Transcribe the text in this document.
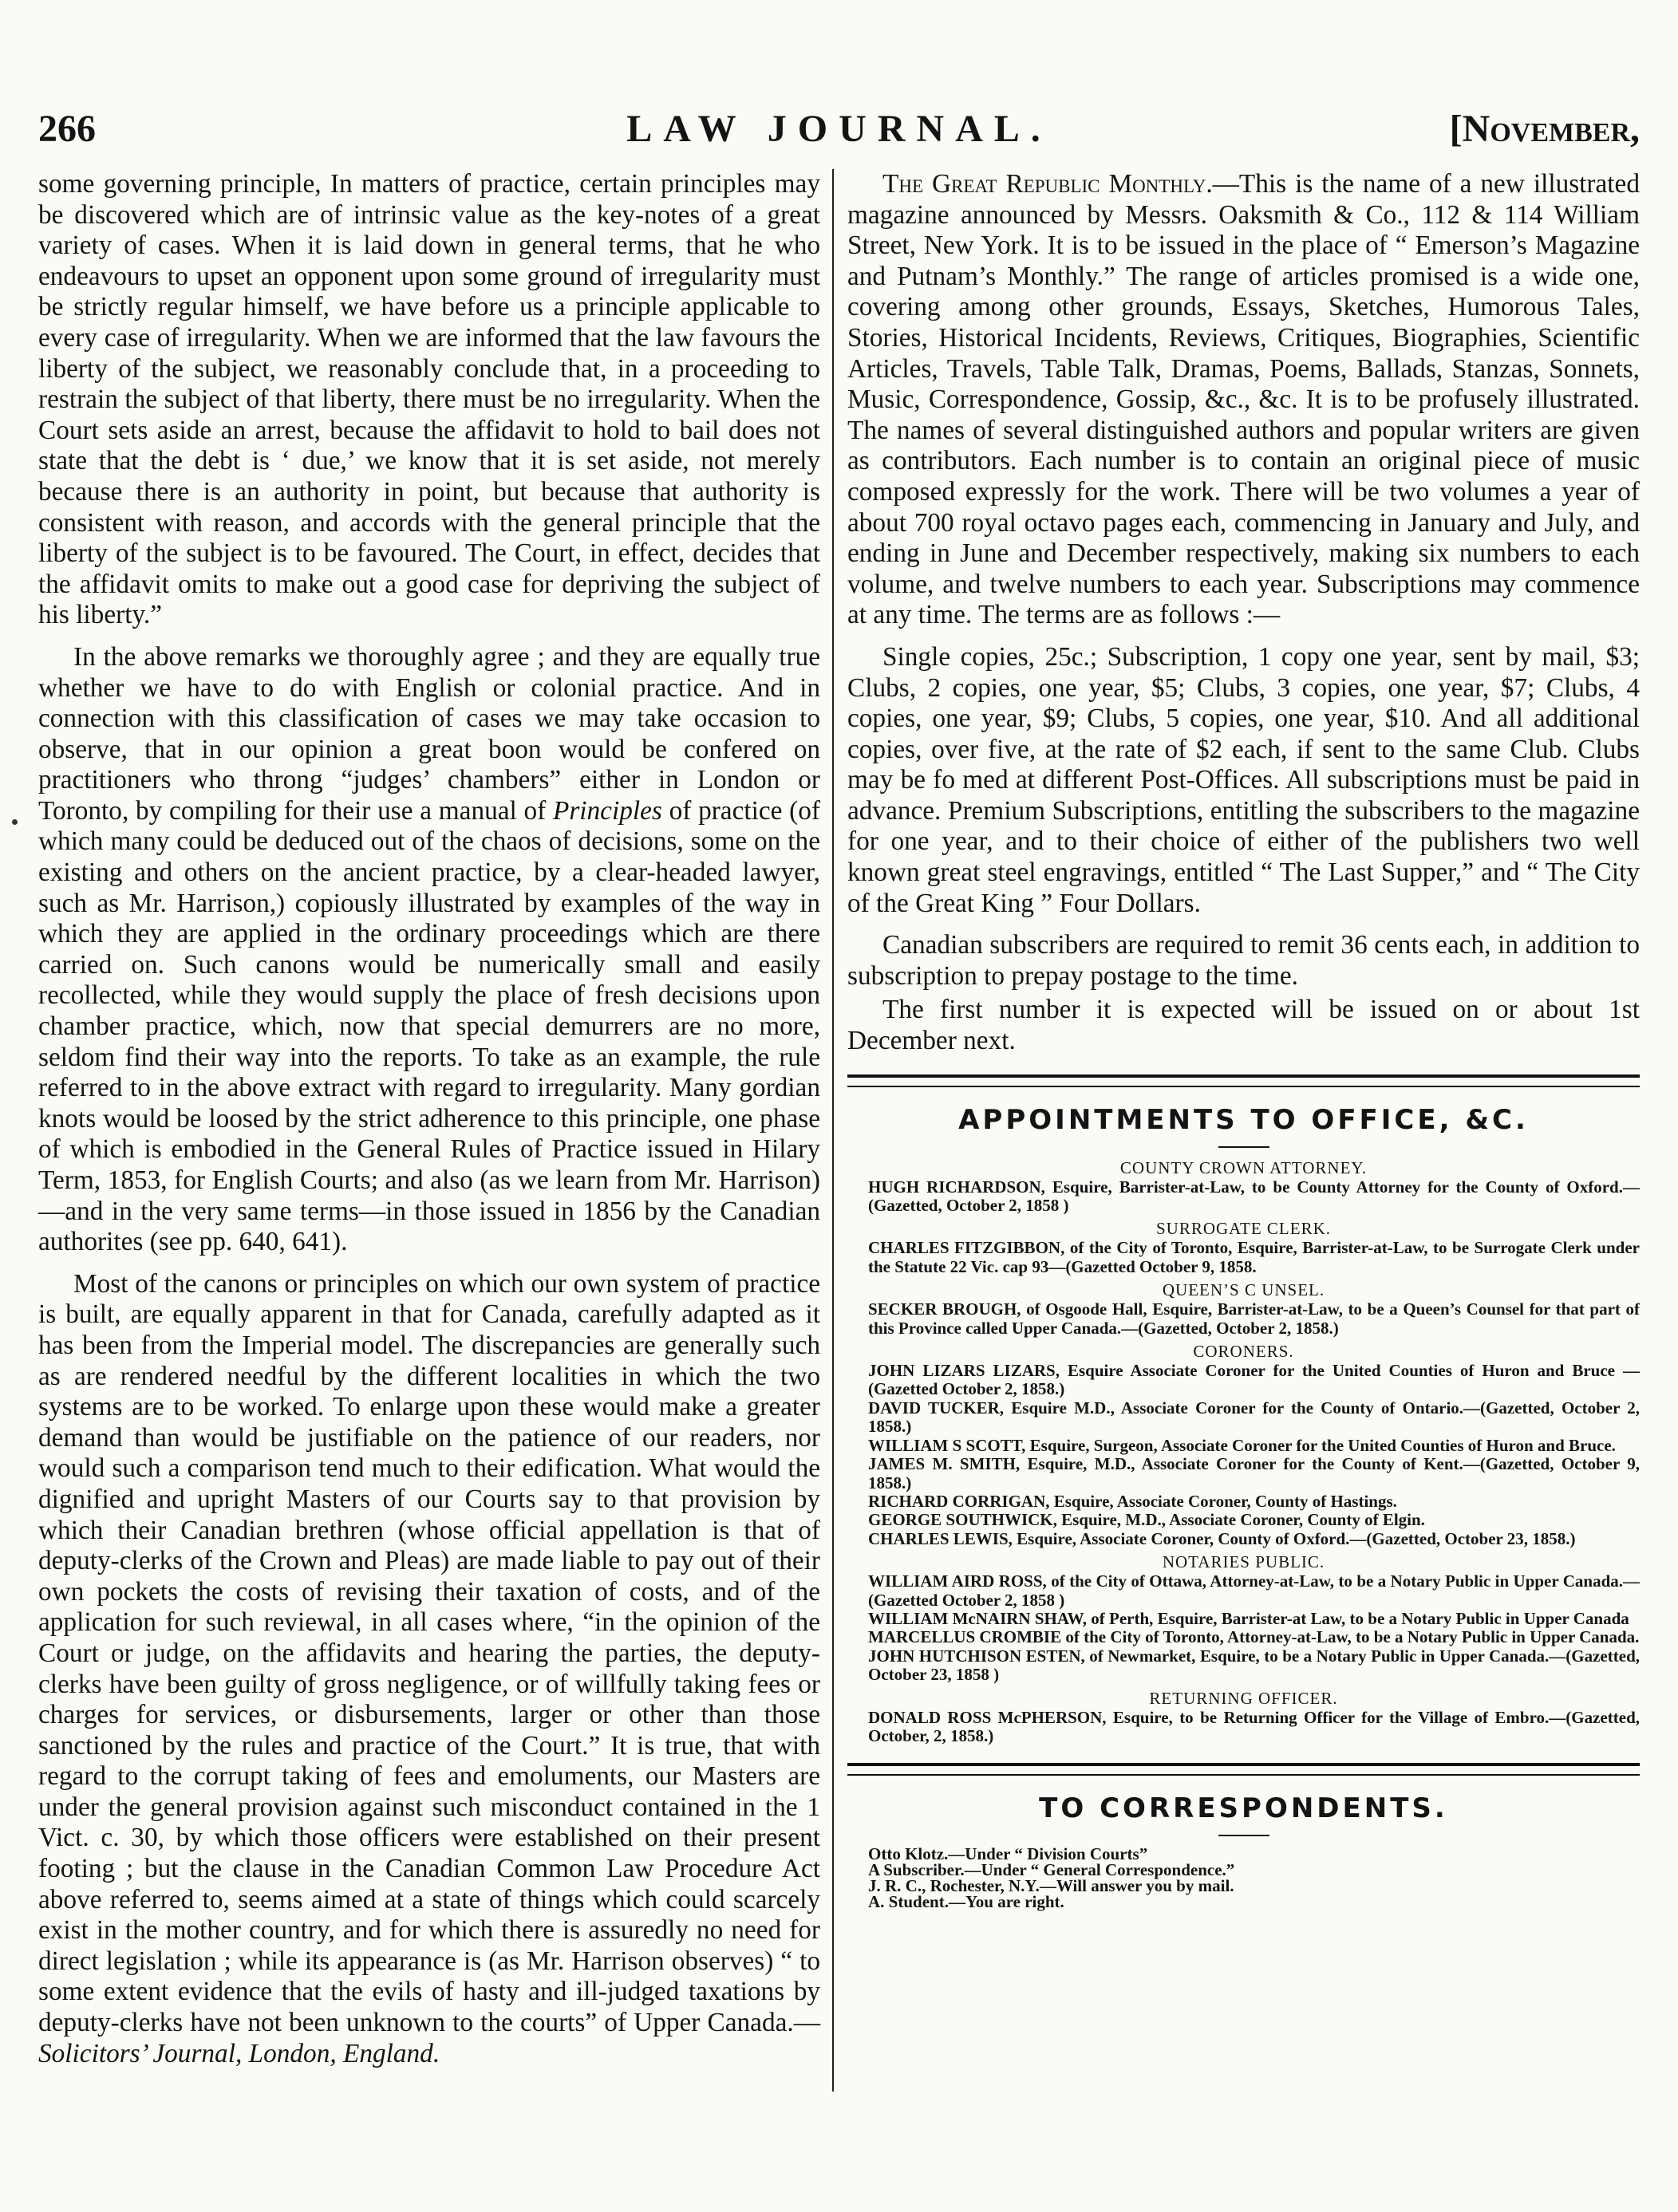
266	LAW JOURNAL.	[November,

some governing principle, In matters of practice, certain principles may be discovered which are of intrinsic value as the key-notes of a great variety of cases. When it is laid down in general terms, that he who endeavours to upset an opponent upon some ground of irregularity must be strictly regular himself, we have before us a principle applicable to every case of irregularity. When we are informed that the law favours the liberty of the subject, we reasonably conclude that, in a proceeding to restrain the subject of that liberty, there must be no irregularity. When the Court sets aside an arrest, because the affidavit to hold to bail does not state that the debt is ‘ due,’ we know that it is set aside, not merely because there is an authority in point, but because that authority is consistent with reason, and accords with the general principle that the liberty of the subject is to be favoured. The Court, in effect, decides that the affidavit omits to make out a good case for depriving the subject of his liberty.”

In the above remarks we thoroughly agree ; and they are equally true whether we have to do with English or colonial practice. And in connection with this classification of cases we may take occasion to observe, that in our opinion a great boon would be confered on practitioners who throng “judges’ chambers” either in London or Toronto, by compiling for their use a manual of Principles of practice (of which many could be deduced out of the chaos of decisions, some on the existing and others on the ancient practice, by a clear-headed lawyer, such as Mr. Harrison,) copiously illustrated by examples of the way in which they are applied in the ordinary proceedings which are there carried on. Such canons would be numerically small and easily recollected, while they would supply the place of fresh decisions upon chamber practice, which, now that special demurrers are no more, seldom find their way into the reports. To take as an example, the rule referred to in the above extract with regard to irregularity. Many gordian knots would be loosed by the strict adherence to this principle, one phase of which is embodied in the General Rules of Practice issued in Hilary Term, 1853, for English Courts; and also (as we learn from Mr. Harrison)—and in the very same terms—in those issued in 1856 by the Canadian authorites (see pp. 640, 641).

Most of the canons or principles on which our own system of practice is built, are equally apparent in that for Canada, carefully adapted as it has been from the Imperial model. The discrepancies are generally such as are rendered needful by the different localities in which the two systems are to be worked. To enlarge upon these would make a greater demand than would be justifiable on the patience of our readers, nor would such a comparison tend much to their edification. What would the dignified and upright Masters of our Courts say to that provision by which their Canadian brethren (whose official appellation is that of deputy-clerks of the Crown and Pleas) are made liable to pay out of their own pockets the costs of revising their taxation of costs, and of the application for such reviewal, in all cases where, “in the opinion of the Court or judge, on the affidavits and hearing the parties, the deputy-clerks have been guilty of gross negligence, or of willfully taking fees or charges for services, or disbursements, larger or other than those sanctioned by the rules and practice of the Court.” It is true, that with regard to the corrupt taking of fees and emoluments, our Masters are under the general provision against such misconduct contained in the 1 Vict. c. 30, by which those officers were established on their present footing ; but the clause in the Canadian Common Law Procedure Act above referred to, seems aimed at a state of things which could scarcely exist in the mother country, and for which there is assuredly no need for direct legislation ; while its appearance is (as Mr. Harrison observes) “ to some extent evidence that the evils of hasty and ill-judged taxations by deputy-clerks have not been unknown to the courts” of Upper Canada.—Solicitors’ Journal, London, England.

The Great Republic Monthly.—This is the name of a new illustrated magazine announced by Messrs. Oaksmith & Co., 112 & 114 William Street, New York. It is to be issued in the place of “ Emerson’s Magazine and Putnam’s Monthly.” The range of articles promised is a wide one, covering among other grounds, Essays, Sketches, Humorous Tales, Stories, Historical Incidents, Reviews, Critiques, Biographies, Scientific Articles, Travels, Table Talk, Dramas, Poems, Ballads, Stanzas, Sonnets, Music, Correspondence, Gossip, &c., &c. It is to be profusely illustrated. The names of several distinguished authors and popular writers are given as contributors. Each number is to contain an original piece of music composed expressly for the work. There will be two volumes a year of about 700 royal octavo pages each, commencing in January and July, and ending in June and December respectively, making six numbers to each volume, and twelve numbers to each year. Subscriptions may commence at any time. The terms are as follows :—

Single copies, 25c.; Subscription, 1 copy one year, sent by mail, $3; Clubs, 2 copies, one year, $5; Clubs, 3 copies, one year, $7; Clubs, 4 copies, one year, $9; Clubs, 5 copies, one year, $10. And all additional copies, over five, at the rate of $2 each, if sent to the same Club. Clubs may be fo med at different Post-Offices. All subscriptions must be paid in advance. Premium Subscriptions, entitling the subscribers to the magazine for one year, and to their choice of either of the publishers two well known great steel engravings, entitled “ The Last Supper,” and “ The City of the Great King ” Four Dollars.

Canadian subscribers are required to remit 36 cents each, in addition to subscription to prepay postage to the time.

The first number it is expected will be issued on or about 1st December next.

APPOINTMENTS TO OFFICE, &C.
COUNTY CROWN ATTORNEY.

HUGH RICHARDSON, Esquire, Barrister-at-Law, to be County Attorney for the County of Oxford.—(Gazetted, October 2, 1858 )

SURROGATE CLERK.

CHARLES FITZGIBBON, of the City of Toronto, Esquire, Barrister-at-Law, to be Surrogate Clerk under the Statute 22 Vic. cap 93—(Gazetted October 9, 1858.

QUEEN’S C UNSEL.

SECKER BROUGH, of Osgoode Hall, Esquire, Barrister-at-Law, to be a Queen’s Counsel for that part of this Province called Upper Canada.—(Gazetted, October 2, 1858.)

CORONERS.

JOHN LIZARS LIZARS, Esquire Associate Coroner for the United Counties of Huron and Bruce —(Gazetted October 2, 1858.)

DAVID TUCKER, Esquire M.D., Associate Coroner for the County of Ontario.—(Gazetted, October 2, 1858.)

WILLIAM S SCOTT, Esquire, Surgeon, Associate Coroner for the United Counties of Huron and Bruce.

JAMES M. SMITH, Esquire, M.D., Associate Coroner for the County of Kent.—(Gazetted, October 9, 1858.)

RICHARD CORRIGAN, Esquire, Associate Coroner, County of Hastings.

GEORGE SOUTHWICK, Esquire, M.D., Associate Coroner, County of Elgin.

CHARLES LEWIS, Esquire, Associate Coroner, County of Oxford.—(Gazetted, October 23, 1858.)

NOTARIES PUBLIC.

WILLIAM AIRD ROSS, of the City of Ottawa, Attorney-at-Law, to be a Notary Public in Upper Canada.—(Gazetted October 2, 1858 )

WILLIAM McNAIRN SHAW, of Perth, Esquire, Barrister-at Law, to be a Notary Public in Upper Canada

MARCELLUS CROMBIE of the City of Toronto, Attorney-at-Law, to be a Notary Public in Upper Canada.

JOHN HUTCHISON ESTEN, of Newmarket, Esquire, to be a Notary Public in Upper Canada.—(Gazetted, October 23, 1858 )

RETURNING OFFICER.

DONALD ROSS McPHERSON, Esquire, to be Returning Officer for the Village of Embro.—(Gazetted, October, 2, 1858.)

TO CORRESPONDENTS.

Otto Klotz.—Under “ Division Courts”

A Subscriber.—Under “ General Correspondence.”

J. R. C., Rochester, N.Y.—Will answer you by mail.

A. Student.—You are right.
